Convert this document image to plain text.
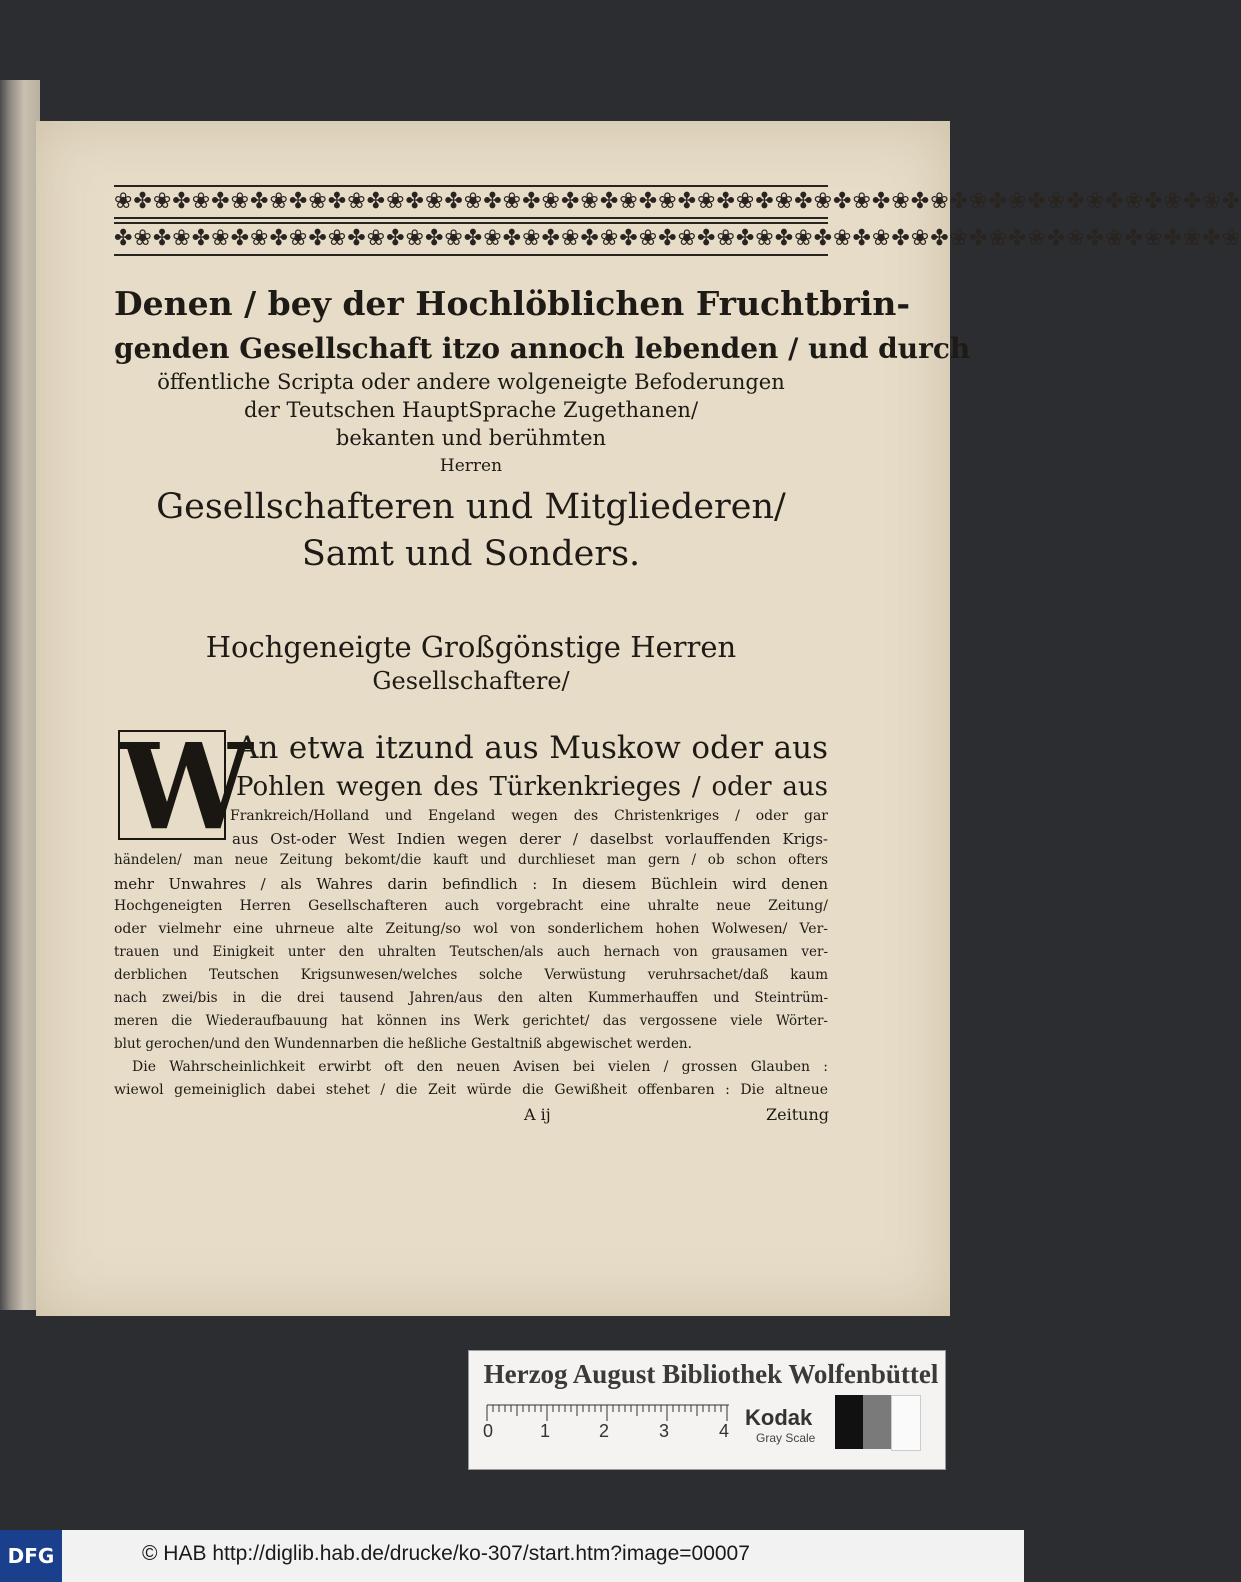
❀✤❀✤❀✤❀✤❀✤❀✤❀✤❀✤❀✤❀✤❀✤❀✤❀✤❀✤❀✤❀✤❀✤❀✤❀✤❀✤❀✤❀✤❀✤❀✤❀✤❀✤❀✤❀✤❀✤
✤❀✤❀✤❀✤❀✤❀✤❀✤❀✤❀✤❀✤❀✤❀✤❀✤❀✤❀✤❀✤❀✤❀✤❀✤❀✤❀✤❀✤❀✤❀✤❀✤❀✤❀✤❀✤❀✤❀
Denen / bey der Hochlöblichen Fruchtbrin-
genden Gesellschaft itzo annoch lebenden / und durch
öffentliche Scripta oder andere wolgeneigte Befoderungen
der Teutschen HauptSprache Zugethanen/
bekanten und berühmten
Herren
Gesellschafteren und Mitgliederen/
Samt und Sonders.
Hochgeneigte Großgönstige Herren
Gesellschaftere/
W
An etwa itzund aus Muskow oder aus
Pohlen wegen des Türkenkrieges / oder aus
Frankreich/Holland und Engeland wegen des Christenkriges / oder gar
aus Ost-oder West Indien wegen derer / daselbst vorlauffenden Krigs-
händelen/ man neue Zeitung bekomt/die kauft und durchlieset man gern / ob schon ofters
mehr Unwahres / als Wahres darin befindlich : In diesem Büchlein wird denen
Hochgeneigten Herren Gesellschafteren auch vorgebracht eine uhralte neue Zeitung/
oder vielmehr eine uhrneue alte Zeitung/so wol von sonderlichem hohen Wolwesen/ Ver-
trauen und Einigkeit unter den uhralten Teutschen/als auch hernach von grausamen ver-
derblichen Teutschen Krigsunwesen/welches solche Verwüstung veruhrsachet/daß kaum
nach zwei/bis in die drei tausend Jahren/aus den alten Kummerhauffen und Steintrüm-
meren die Wiederaufbauung hat können ins Werk gerichtet/ das vergossene viele Wörter-
blut gerochen/und den Wundennarben die heßliche Gestaltniß abgewischet werden.
Die Wahrscheinlichkeit erwirbt oft den neuen Avisen bei vielen / grossen Glauben :
wiewol gemeiniglich dabei stehet / die Zeit würde die Gewißheit offenbaren : Die altneue
A ij	Zeitung
Herzog August Bibliothek Wolfenbüttel
0	1	2	3	4
Kodak
Gray Scale
DFG	© HAB http://diglib.hab.de/drucke/ko-307/start.htm?image=00007
